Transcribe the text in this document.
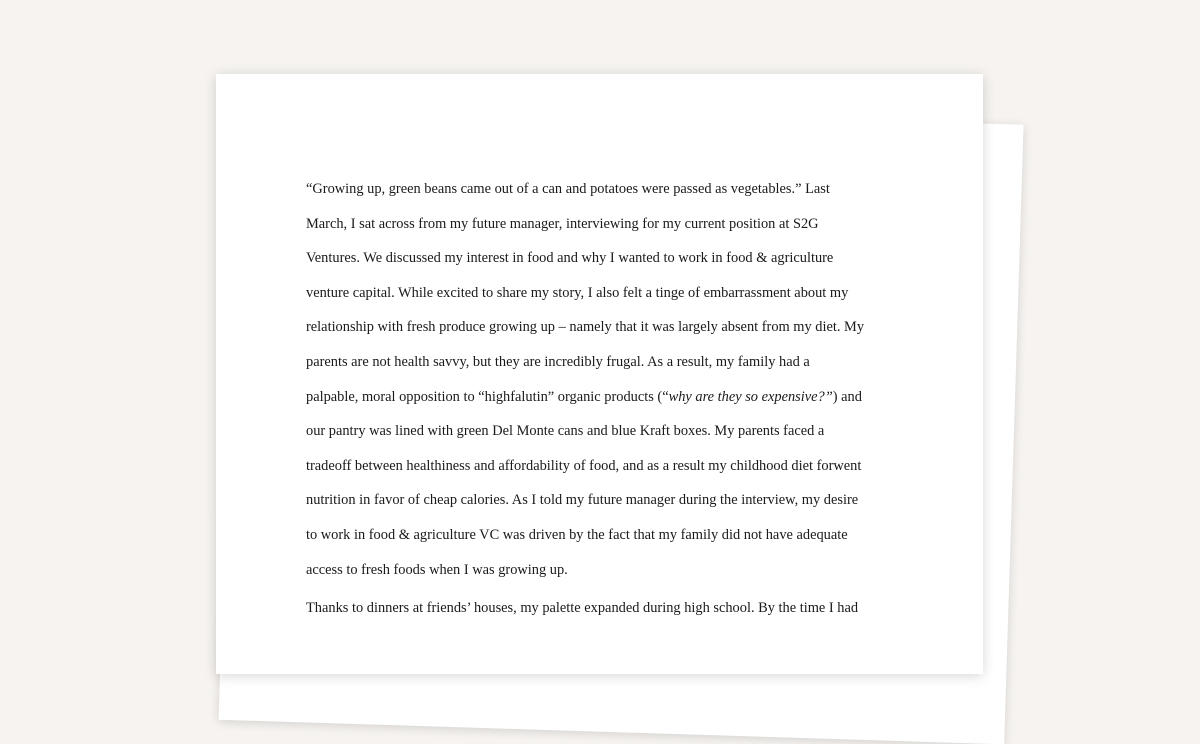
“Growing up, green beans came out of a can and potatoes were passed as vegetables.” Last
March, I sat across from my future manager, interviewing for my current position at S2G
Ventures. We discussed my interest in food and why I wanted to work in food & agriculture
venture capital. While excited to share my story, I also felt a tinge of embarrassment about my
relationship with fresh produce growing up – namely that it was largely absent from my diet. My
parents are not health savvy, but they are incredibly frugal. As a result, my family had a
palpable, moral opposition to “highfalutin” organic products (“why are they so expensive?”) and
our pantry was lined with green Del Monte cans and blue Kraft boxes. My parents faced a
tradeoff between healthiness and affordability of food, and as a result my childhood diet forwent
nutrition in favor of cheap calories. As I told my future manager during the interview, my desire
to work in food & agriculture VC was driven by the fact that my family did not have adequate
access to fresh foods when I was growing up.

Thanks to dinners at friends’ houses, my palette expanded during high school. By the time I had
